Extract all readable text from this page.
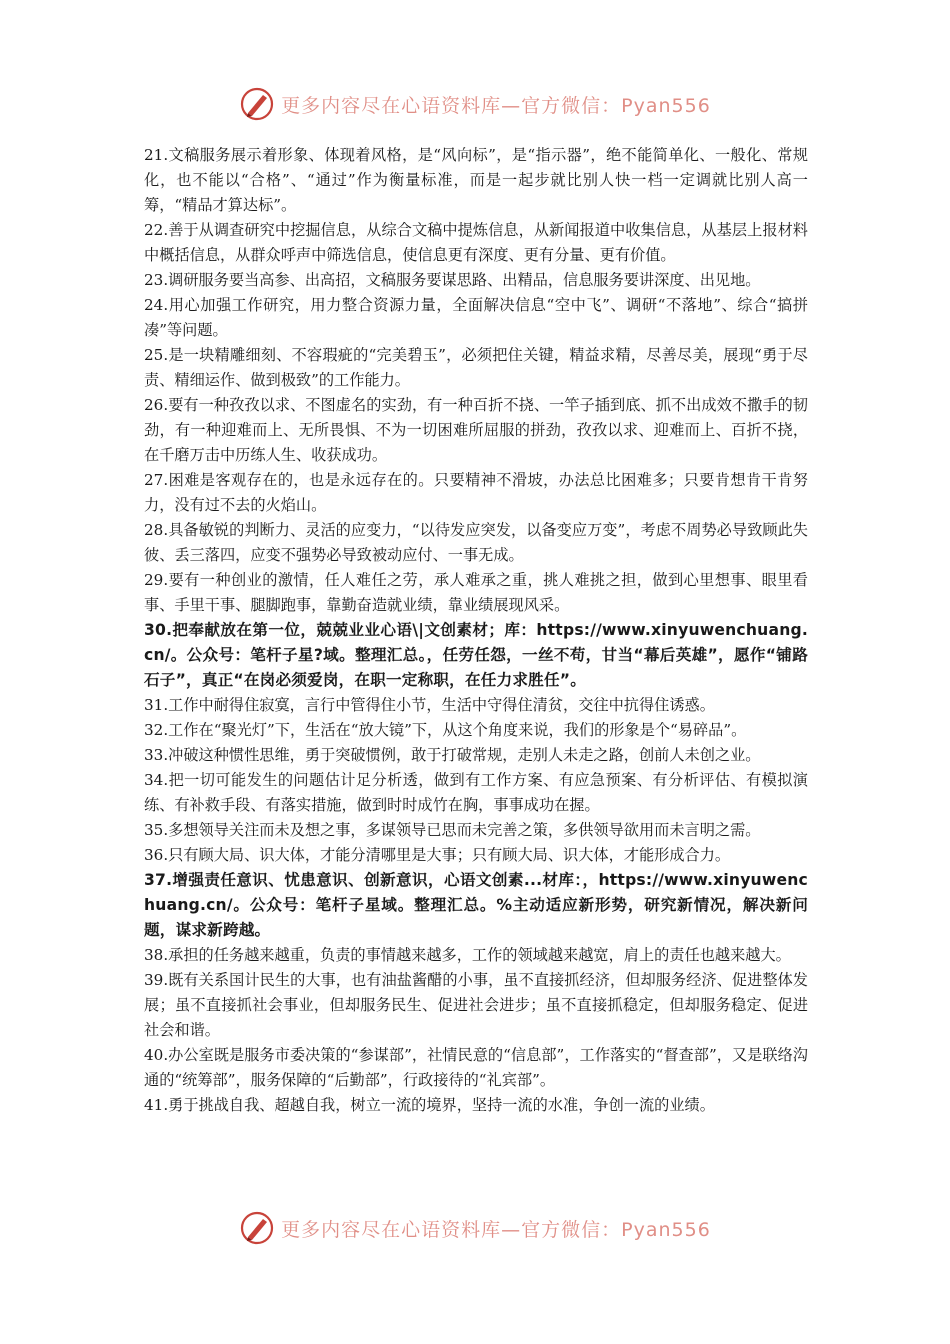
更多内容尽在心语资料库—官方微信：Pyan556

21.文稿服务展示着形象、体现着风格，是“风向标”，是“指示器”，绝不能简单化、一般化、常规化，也不能以“合格”、“通过”作为衡量标准，而是一起步就比别人快一档一定调就比别人高一筹，“精品才算达标”。

22.善于从调查研究中挖掘信息，从综合文稿中提炼信息，从新闻报道中收集信息，从基层上报材料中概括信息，从群众呼声中筛选信息，使信息更有深度、更有分量、更有价值。

23.调研服务要当高参、出高招，文稿服务要谋思路、出精品，信息服务要讲深度、出见地。

24.用心加强工作研究，用力整合资源力量，全面解决信息“空中飞”、调研“不落地”、综合“搞拼凑”等问题。

25.是一块精雕细刻、不容瑕疵的“完美碧玉”，必须把住关键，精益求精，尽善尽美，展现“勇于尽责、精细运作、做到极致”的工作能力。

26.要有一种孜孜以求、不图虚名的实劲，有一种百折不挠、一竿子插到底、抓不出成效不撒手的韧劲，有一种迎难而上、无所畏惧、不为一切困难所屈服的拼劲，孜孜以求、迎难而上、百折不挠，在千磨万击中历练人生、收获成功。

27.困难是客观存在的，也是永远存在的。只要精神不滑坡，办法总比困难多；只要肯想肯干肯努力，没有过不去的火焰山。

28.具备敏锐的判断力、灵活的应变力，“以待发应突发，以备变应万变”，考虑不周势必导致顾此失彼、丢三落四，应变不强势必导致被动应付、一事无成。

29.要有一种创业的激情，任人难任之劳，承人难承之重，挑人难挑之担，做到心里想事、眼里看事、手里干事、腿脚跑事，靠勤奋造就业绩，靠业绩展现风采。

30.把奉献放在第一位，兢兢业业心语\|文创素材；库：https://www.xinyuwenchuang.cn/。公众号：笔杆子星?域。整理汇总。，任劳任怨，一丝不苟，甘当“幕后英雄”，愿作“铺路石子”，真正“在岗必须爱岗，在职一定称职，在任力求胜任”。

31.工作中耐得住寂寞，言行中管得住小节，生活中守得住清贫，交往中抗得住诱惑。

32.工作在“聚光灯”下，生活在“放大镜”下，从这个角度来说，我们的形象是个“易碎品”。

33.冲破这种惯性思维，勇于突破惯例，敢于打破常规，走别人未走之路，创前人未创之业。

34.把一切可能发生的问题估计足分析透，做到有工作方案、有应急预案、有分析评估、有模拟演练、有补救手段、有落实措施，做到时时成竹在胸，事事成功在握。

35.多想领导关注而未及想之事，多谋领导已思而未完善之策，多供领导欲用而未言明之需。

36.只有顾大局、识大体，才能分清哪里是大事；只有顾大局、识大体，才能形成合力。

37.增强责任意识、忧患意识、创新意识，心语文创素...材库：，https://www.xinyuwenchuang.cn/。公众号：笔杆子星域。整理汇总。%主动适应新形势，研究新情况，解决新问题，谋求新跨越。

38.承担的任务越来越重，负责的事情越来越多，工作的领域越来越宽，肩上的责任也越来越大。

39.既有关系国计民生的大事，也有油盐酱醋的小事，虽不直接抓经济，但却服务经济、促进整体发展；虽不直接抓社会事业，但却服务民生、促进社会进步；虽不直接抓稳定，但却服务稳定、促进社会和谐。

40.办公室既是服务市委决策的“参谋部”，社情民意的“信息部”，工作落实的“督查部”，又是联络沟通的“统筹部”，服务保障的“后勤部”，行政接待的“礼宾部”。

41.勇于挑战自我、超越自我，树立一流的境界，坚持一流的水准，争创一流的业绩。

更多内容尽在心语资料库—官方微信：Pyan556
